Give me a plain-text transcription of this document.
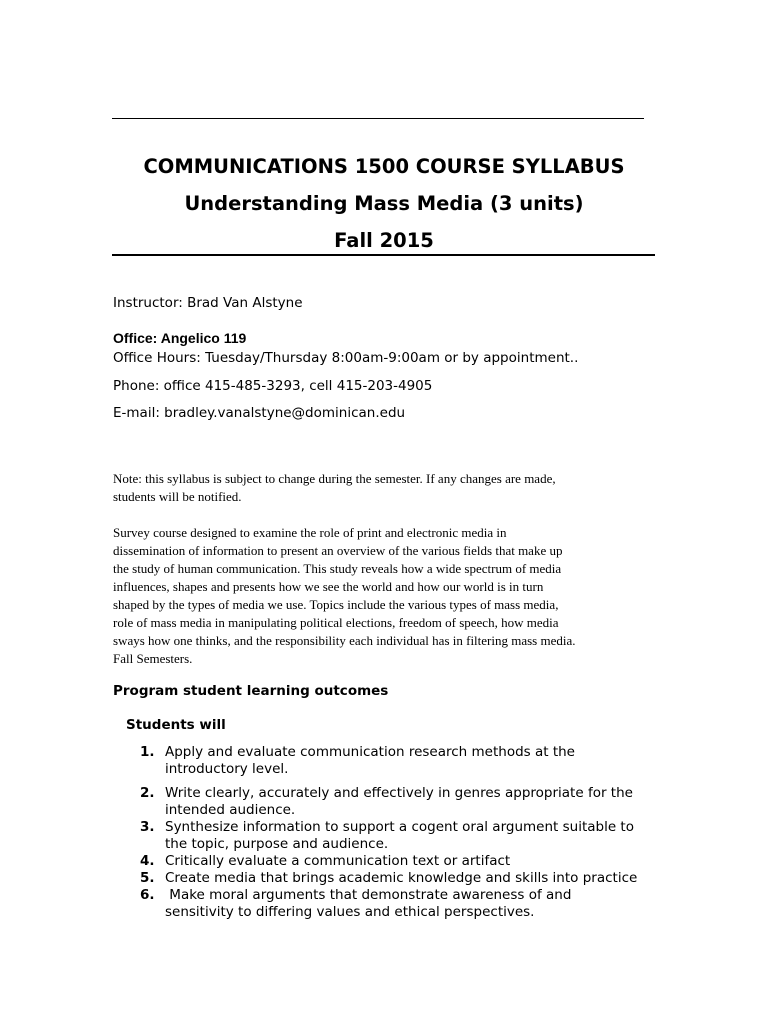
COMMUNICATIONS 1500 COURSE SYLLABUS
Understanding Mass Media (3 units)
Fall 2015
Instructor: Brad Van Alstyne
Office: Angelico 119
Office Hours: Tuesday/Thursday 8:00am-9:00am or by appointment..
Phone: office 415-485-3293, cell 415-203-4905
E-mail: bradley.vanalstyne@dominican.edu
Note: this syllabus is subject to change during the semester. If any changes are made,
students will be notified.
Survey course designed to examine the role of print and electronic media in
dissemination of information to present an overview of the various fields that make up
the study of human communication. This study reveals how a wide spectrum of media
influences, shapes and presents how we see the world and how our world is in turn
shaped by the types of media we use. Topics include the various types of mass media,
role of mass media in manipulating political elections, freedom of speech, how media
sways how one thinks, and the responsibility each individual has in filtering mass media.
Fall Semesters.
Program student learning outcomes
Students will
1. Apply and evaluate communication research methods at the
introductory level.
2. Write clearly, accurately and effectively in genres appropriate for the
intended audience.
3. Synthesize information to support a cogent oral argument suitable to
the topic, purpose and audience.
4. Critically evaluate a communication text or artifact
5. Create media that brings academic knowledge and skills into practice
6. Make moral arguments that demonstrate awareness of and
sensitivity to differing values and ethical perspectives.
